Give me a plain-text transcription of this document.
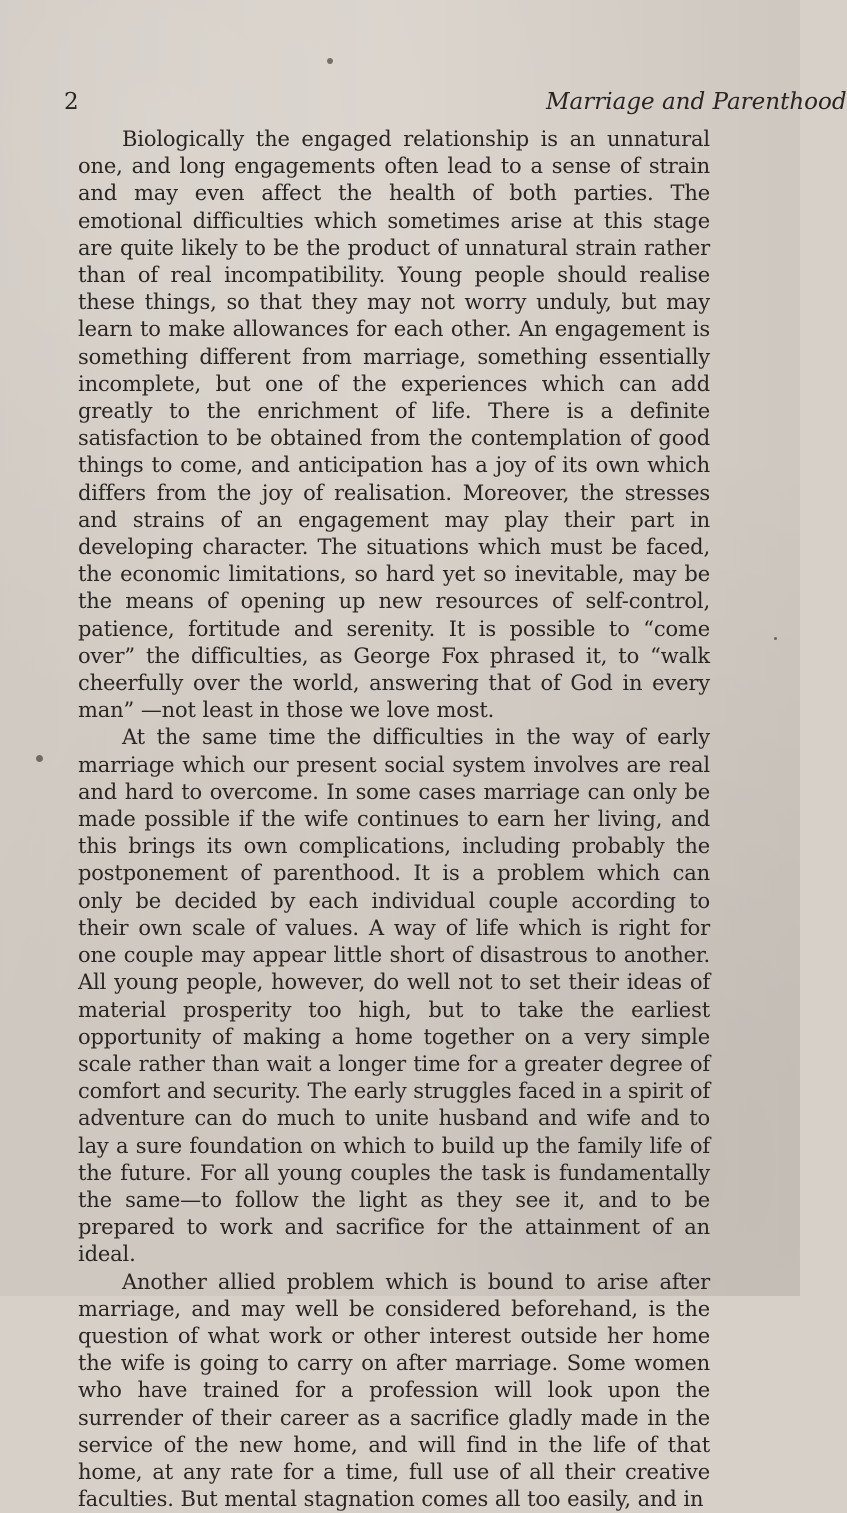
2	Marriage and Parenthood

Biologically the engaged relationship is an unnatural one, and long engagements often lead to a sense of strain and may even affect the health of both parties. The emotional difficulties which sometimes arise at this stage are quite likely to be the product of unnatural strain rather than of real incompatibility. Young people should realise these things, so that they may not worry unduly, but may learn to make allowances for each other. An engagement is something different from marriage, something essentially incomplete, but one of the experiences which can add greatly to the enrichment of life. There is a definite satisfaction to be obtained from the contemplation of good things to come, and anticipation has a joy of its own which differs from the joy of realisation. Moreover, the stresses and strains of an engagement may play their part in developing character. The situations which must be faced, the economic limitations, so hard yet so inevitable, may be the means of opening up new resources of self-control, patience, fortitude and serenity. It is possible to “come over” the difficulties, as George Fox phrased it, to “walk cheerfully over the world, answering that of God in every man” —not least in those we love most.

At the same time the difficulties in the way of early marriage which our present social system involves are real and hard to overcome. In some cases marriage can only be made possible if the wife continues to earn her living, and this brings its own complications, including probably the postponement of parenthood. It is a problem which can only be decided by each individual couple according to their own scale of values. A way of life which is right for one couple may appear little short of disastrous to another. All young people, however, do well not to set their ideas of material prosperity too high, but to take the earliest opportunity of making a home together on a very simple scale rather than wait a longer time for a greater degree of comfort and security. The early struggles faced in a spirit of adventure can do much to unite husband and wife and to lay a sure foundation on which to build up the family life of the future. For all young couples the task is fundamentally the same—to follow the light as they see it, and to be prepared to work and sacrifice for the attainment of an ideal.

Another allied problem which is bound to arise after marriage, and may well be considered beforehand, is the question of what work or other interest outside her home the wife is going to carry on after marriage. Some women who have trained for a profession will look upon the surrender of their career as a sacrifice gladly made in the service of the new home, and will find in the life of that home, at any rate for a time, full use of all their creative faculties. But mental stagnation comes all too easily, and in
